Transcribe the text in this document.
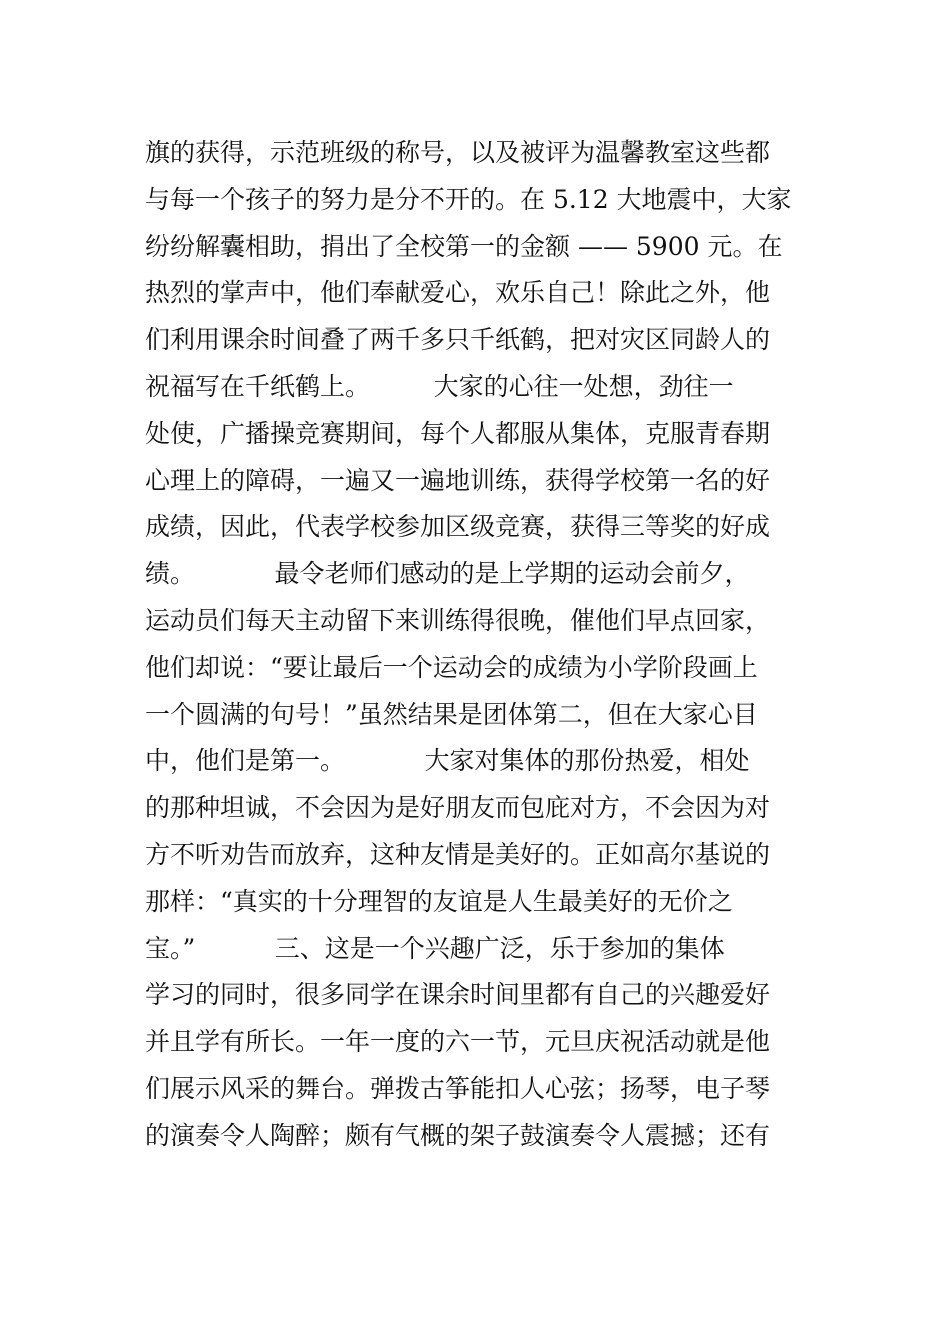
旗的获得，示范班级的称号，以及被评为温馨教室这些都
与每一个孩子的努力是分不开的。在 5.12 大地震中，大家
纷纷解囊相助，捐出了全校第一的金额 —— 5900 元。在
热烈的掌声中，他们奉献爱心，欢乐自己！除此之外，他
们利用课余时间叠了两千多只千纸鹤，把对灾区同龄人的
祝福写在千纸鹤上。        大家的心往一处想，劲往一
处使，广播操竞赛期间，每个人都服从集体，克服青春期
心理上的障碍，一遍又一遍地训练，获得学校第一名的好
成绩，因此，代表学校参加区级竞赛，获得三等奖的好成
绩。          最令老师们感动的是上学期的运动会前夕，
运动员们每天主动留下来训练得很晚，催他们早点回家，
他们却说：“要让最后一个运动会的成绩为小学阶段画上
一个圆满的句号！”虽然结果是团体第二，但在大家心目
中，他们是第一。          大家对集体的那份热爱，相处
的那种坦诚，不会因为是好朋友而包庇对方，不会因为对
方不听劝告而放弃，这种友情是美好的。正如高尔基说的
那样：“真实的十分理智的友谊是人生最美好的无价之
宝。”          三、这是一个兴趣广泛，乐于参加的集体
学习的同时，很多同学在课余时间里都有自己的兴趣爱好
并且学有所长。一年一度的六一节，元旦庆祝活动就是他
们展示风采的舞台。弹拨古筝能扣人心弦；扬琴，电子琴
的演奏令人陶醉；颇有气概的架子鼓演奏令人震撼；还有
